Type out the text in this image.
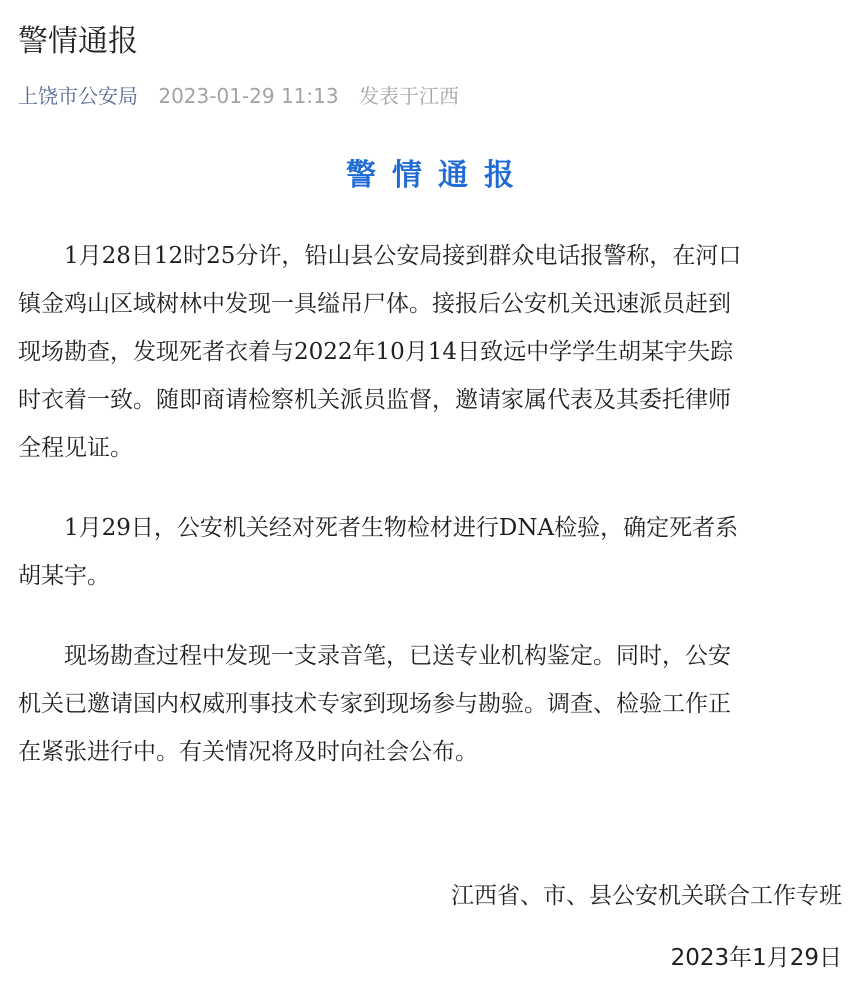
警情通报
上饶市公安局 2023-01-29 11:13 发表于江西
警情通报

1月28日12时25分许，铅山县公安局接到群众电话报警称，在河口
镇金鸡山区域树林中发现一具缢吊尸体。接报后公安机关迅速派员赶到
现场勘查，发现死者衣着与2022年10月14日致远中学学生胡某宇失踪
时衣着一致。随即商请检察机关派员监督，邀请家属代表及其委托律师
全程见证。

1月29日，公安机关经对死者生物检材进行DNA检验，确定死者系
胡某宇。

现场勘查过程中发现一支录音笔，已送专业机构鉴定。同时，公安
机关已邀请国内权威刑事技术专家到现场参与勘验。调查、检验工作正
在紧张进行中。有关情况将及时向社会公布。

江西省、市、县公安机关联合工作专班
2023年1月29日
